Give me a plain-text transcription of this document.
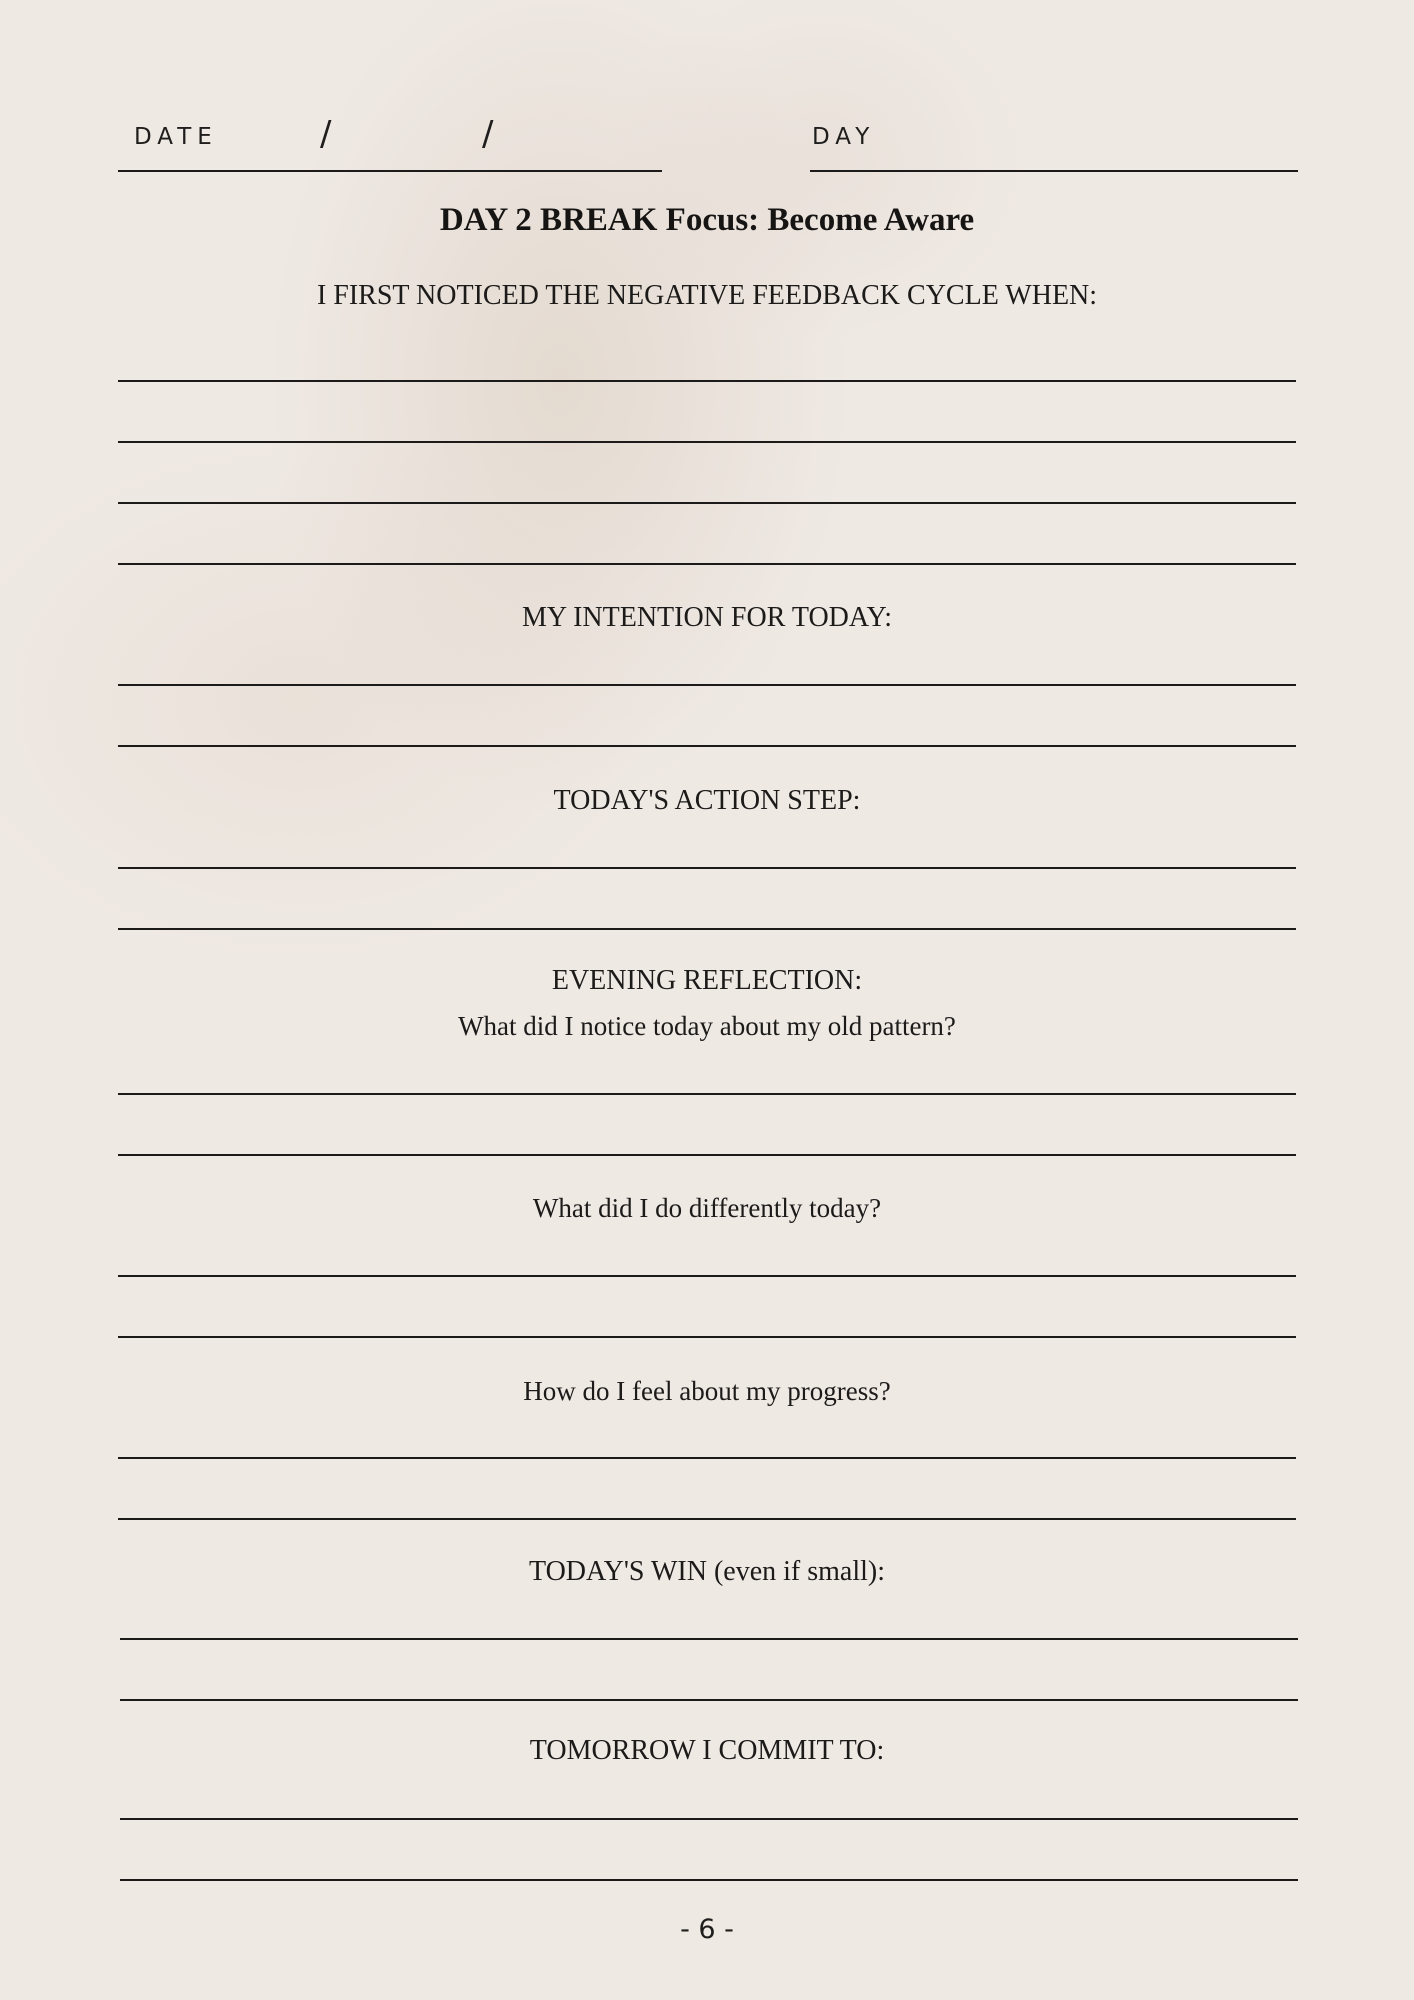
DATE	/	/	DAY
DAY 2 BREAK Focus: Become Aware
I FIRST NOTICED THE NEGATIVE FEEDBACK CYCLE WHEN:
MY INTENTION FOR TODAY:
TODAY'S ACTION STEP:
EVENING REFLECTION:
What did I notice today about my old pattern?
What did I do differently today?
How do I feel about my progress?
TODAY'S WIN (even if small):
TOMORROW I COMMIT TO:
- 6 -
